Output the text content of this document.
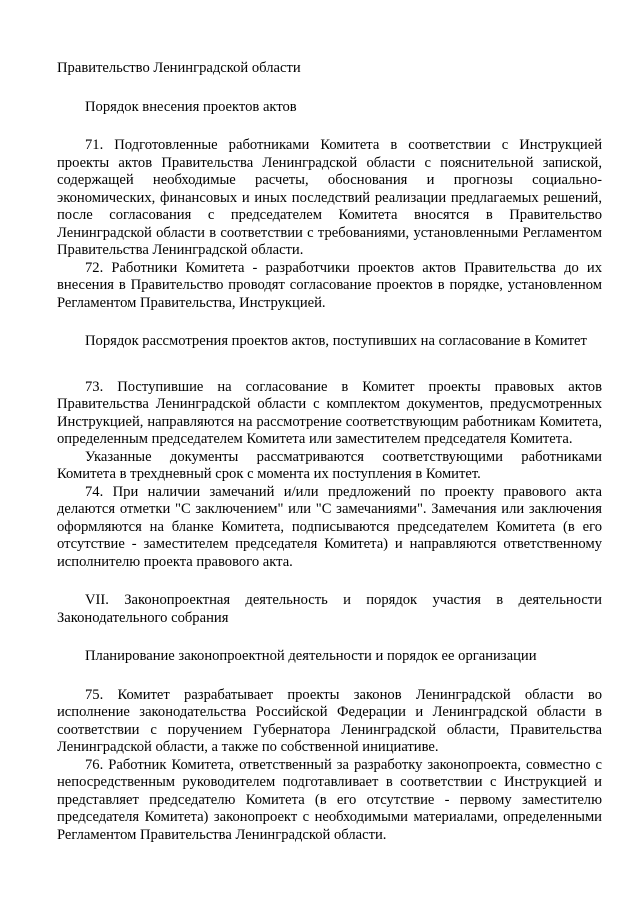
Правительство Ленинградской области

Порядок внесения проектов актов

71. Подготовленные работниками Комитета в соответствии с Инструкцией проекты актов Правительства Ленинградской области с пояснительной запиской, содержащей необходимые расчеты, обоснования и прогнозы социально-экономических, финансовых и иных последствий реализации предлагаемых решений, после согласования с председателем Комитета вносятся в Правительство Ленинградской области в соответствии с требованиями, установленными Регламентом Правительства Ленинградской области.

72. Работники Комитета - разработчики проектов актов Правительства до их внесения в Правительство проводят согласование проектов в порядке, установленном Регламентом Правительства, Инструкцией.

Порядок рассмотрения проектов актов, поступивших на согласование в Комитет

73. Поступившие на согласование в Комитет проекты правовых актов Правительства Ленинградской области с комплектом документов, предусмотренных Инструкцией, направляются на рассмотрение соответствующим работникам Комитета, определенным председателем Комитета или заместителем председателя Комитета.

Указанные документы рассматриваются соответствующими работниками Комитета в трехдневный срок с момента их поступления в Комитет.

74. При наличии замечаний и/или предложений по проекту правового акта делаются отметки "С заключением" или "С замечаниями". Замечания или заключения оформляются на бланке Комитета, подписываются председателем Комитета (в его отсутствие - заместителем председателя Комитета) и направляются ответственному исполнителю проекта правового акта.

VII. Законопроектная деятельность и порядок участия в деятельности Законодательного собрания

Планирование законопроектной деятельности и порядок ее организации

75. Комитет разрабатывает проекты законов Ленинградской области во исполнение законодательства Российской Федерации и Ленинградской области в соответствии с поручением Губернатора Ленинградской области, Правительства Ленинградской области, а также по собственной инициативе.

76. Работник Комитета, ответственный за разработку законопроекта, совместно с непосредственным руководителем подготавливает в соответствии с Инструкцией и представляет председателю Комитета (в его отсутствие - первому заместителю председателя Комитета) законопроект с необходимыми материалами, определенными Регламентом Правительства Ленинградской области.
